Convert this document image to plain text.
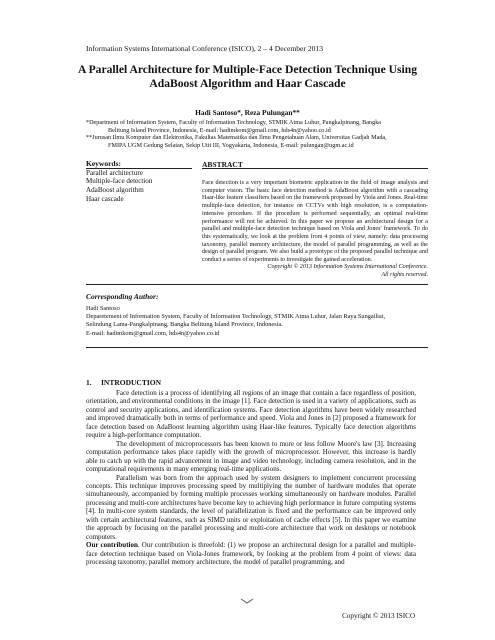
Information Systems International Conference (ISICO), 2 – 4 December 2013
A Parallel Architecture for Multiple-Face Detection Technique Using AdaBoost Algorithm and Haar Cascade
Hadi Santoso*, Reza Pulungan**
*Department of Information System, Faculty of Information Technology, STMIK Atma Luhur, Pangkalpinang, Bangka
Belitung Island Province, Indonesia, E-mail: hadimkom@gmail.com, hds4n@yahoo.co.id
**Jurusan Ilmu Komputer dan Elektronika, Fakultas Matematika dan Ilmu Pengetahuan Alam, Universitas Gadjah Mada,
FMIPA UGM Gedung Selatan, Sekip Utit III, Yogyakarta, Indonesia, E-mail: pulungan@ugm.ac.id
Keywords:
Parallel architecture
Multiple-face detection
AdaBoost algorithm
Haar cascade
ABSTRACT
Face detection is a very important biometric application in the field of image analysis and computer vision. The basic face detection method is AdaBoost algorithm with a cascading Haar-like feature classifiers based on the framework proposed by Viola and Jones. Real-time multiple-face detection, for instance on CCTVs with high resolution, is a computation-intensive procedure. If the procedure is performed sequentially, an optimal real-time performance will not be achieved. In this paper we propose an architectural design for a parallel and multiple-face detection technique based on Viola and Jones' framework. To do this systematically, we look at the problem from 4 points of view, namely: data processing taxonomy, parallel memory architecture, the model of parallel programming, as well as the design of parallel program. We also build a prototype of the proposed parallel technique and conduct a series of experiments to investigate the gained acceleration.
Copyright © 2013 Information Systems International Conference.
All rights reserved.
Corresponding Author:
Hadi Santoso
Deparetement of Information System, Faculty of Information Technology, STMIK Atma Luhur, Jalan Raya Sungailiat,
Selindung Lama-Pangkalpinang, Bangka Belitung Island Province, Indonesia.
E-mail: hadimkom@gmail.com, hds4n@yahoo.co.id
1.     INTRODUCTION

Face detection is a process of identifying all regions of an image that contain a face regardless of position, orientation, and environmental conditions in the image [1]. Face detection is used in a variety of applications, such as control and security applications, and identification systems. Face detection algorithms have been widely researched and improved dramatically both in terms of performance and speed. Viola and Jones in [2] proposed a framework for face detection based on AdaBoost learning algorithm using Haar-like features. Typically face detection algorithms require a high-performance computation.

The development of microprocessors has been known to more or less follow Moore's law [3]. Increasing computation performance takes place rapidly with the growth of microprocessor. However, this increase is hardly able to catch up with the rapid advancement in image and video technology, including camera resolution, and in the computational requirements in many emerging real-time applications.

Parallelism was born from the approach used by system designers to implement concurrent processing concepts. This technique improves processing speed by multiplying the number of hardware modules that operate simultaneously, accompanied by forming multiple processes working simultaneously on hardware modules. Parallel processing and multi-core architectures have become key to achieving high performance in future computing systems [4]. In multi-core system standards, the level of parallelization is fixed and the performance can be improved only with certain architectural features, such as SIMD units or exploitation of cache effects [5]. In this paper we examine the approach by focusing on the parallel processing and multi-core architecture that work on desktops or notebook computers.

Our contribution. Our contribution is threefold: (1) we propose an architectural design for a parallel and multiple-face detection technique based on Viola-Jones framework, by looking at the problem from 4 point of views: data processing taxonomy, parallel memory architecture, the model of parallel programming, and

Copyright © 2013 ISICO
